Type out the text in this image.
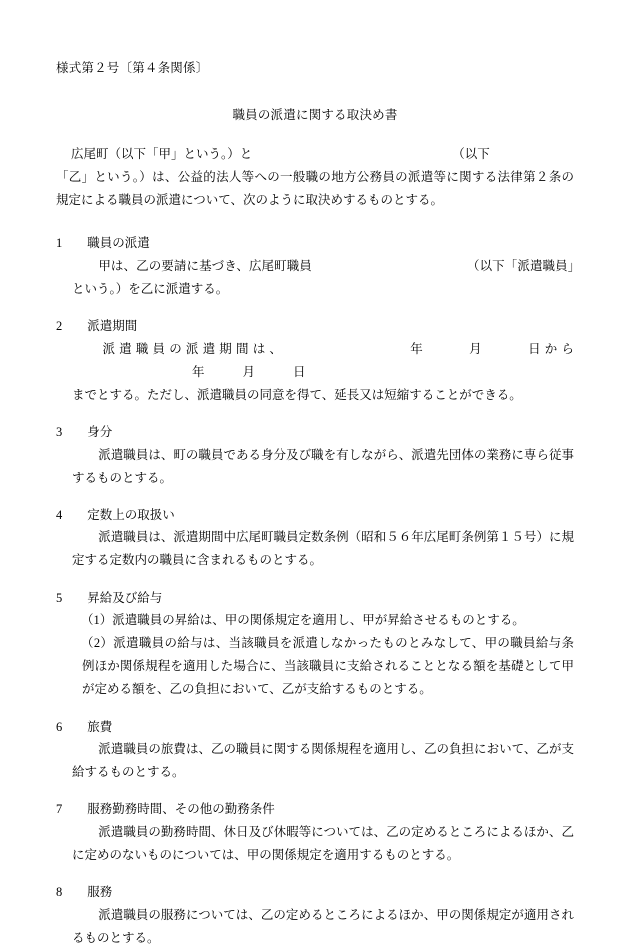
様式第２号〔第４条関係〕
職員の派遣に関する取決め書
広尾町（以下「甲」という。）と	（以下
「乙」という。）は、公益的法人等への一般職の地方公務員の派遣等に関する法律第２条の規定による職員の派遣について、次のように取決めするものとする。
1　　 職員の派遣
甲は、乙の要請に基づき、広尾町職員	（以下「派遣職員」という。）を乙に派遣する。
2　　 派遣期間
派遣職員の派遣期間は、	年	月	日から年	月	日
までとする。ただし、派遣職員の同意を得て、延長又は短縮することができる。
3　　 身分
派遣職員は、町の職員である身分及び職を有しながら、派遣先団体の業務に専ら従事するものとする。
4　　 定数上の取扱い
派遣職員は、派遣期間中広尾町職員定数条例（昭和５６年広尾町条例第１５号）に規定する定数内の職員に含まれるものとする。
5　　 昇給及び給与
（1）派遣職員の昇給は、甲の関係規定を適用し、甲が昇給させるものとする。
（2）派遣職員の給与は、当該職員を派遣しなかったものとみなして、甲の職員給与条例ほか関係規程を適用した場合に、当該職員に支給されることとなる額を基礎として甲が定める額を、乙の負担において、乙が支給するものとする。
6　　 旅費
派遣職員の旅費は、乙の職員に関する関係規程を適用し、乙の負担において、乙が支給するものとする。
7　　 服務勤務時間、その他の勤務条件
派遣職員の勤務時間、休日及び休暇等については、乙の定めるところによるほか、乙に定めのないものについては、甲の関係規定を適用するものとする。
8　　 服務
派遣職員の服務については、乙の定めるところによるほか、甲の関係規定が適用されるものとする。
